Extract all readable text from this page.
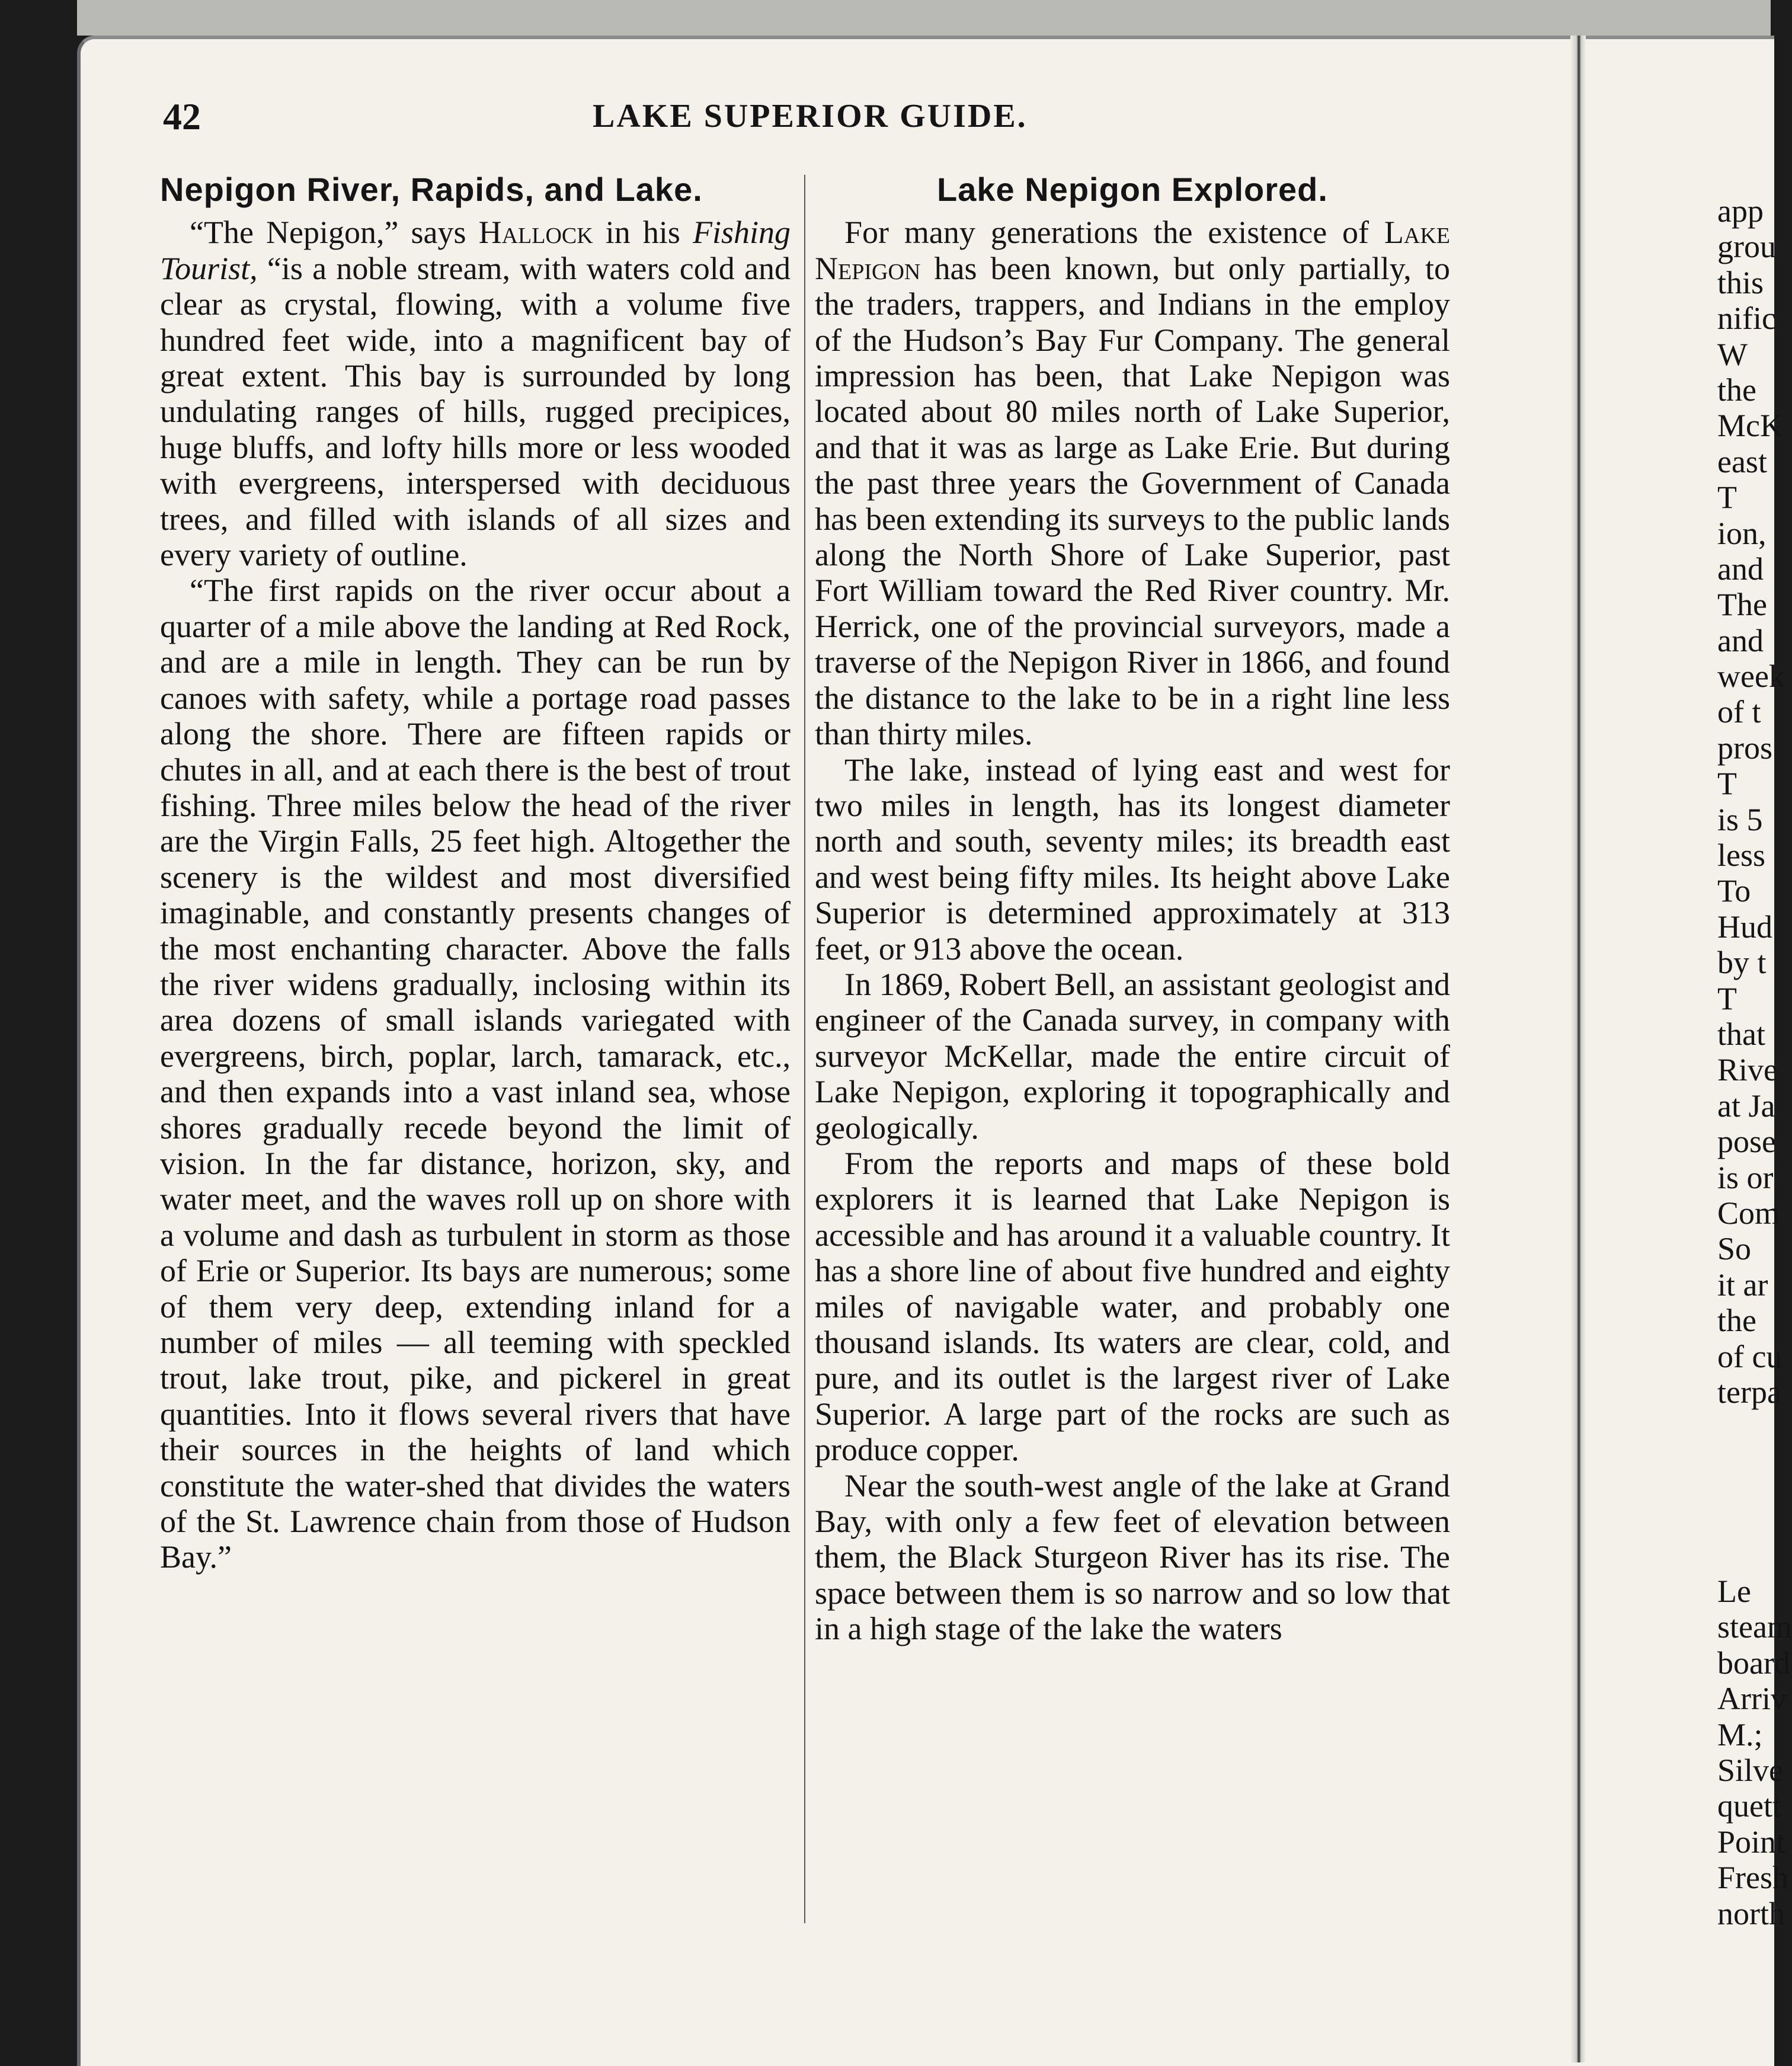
42	LAKE SUPERIOR GUIDE.
Nepigon River, Rapids, and Lake.

“The Nepigon,” says Hallock in his Fishing Tourist, “is a noble stream, with waters cold and clear as crystal, flowing, with a volume five hundred feet wide, into a magnificent bay of great extent. This bay is surrounded by long undulating ranges of hills, rugged precipices, huge bluffs, and lofty hills more or less wooded with evergreens, interspersed with deciduous trees, and filled with islands of all sizes and every variety of outline.

“The first rapids on the river occur about a quarter of a mile above the landing at Red Rock, and are a mile in length. They can be run by canoes with safety, while a portage road passes along the shore. There are fifteen rapids or chutes in all, and at each there is the best of trout fishing. Three miles below the head of the river are the Virgin Falls, 25 feet high. Altogether the scenery is the wildest and most diversified imaginable, and constantly presents changes of the most enchanting character. Above the falls the river widens gradually, inclosing within its area dozens of small islands variegated with evergreens, birch, poplar, larch, tamarack, etc., and then expands into a vast inland sea, whose shores gradually recede beyond the limit of vision. In the far distance, horizon, sky, and water meet, and the waves roll up on shore with a volume and dash as turbulent in storm as those of Erie or Superior. Its bays are numerous; some of them very deep, extending inland for a number of miles — all teeming with speckled trout, lake trout, pike, and pickerel in great quantities. Into it flows several rivers that have their sources in the heights of land which constitute the water-shed that divides the waters of the St. Lawrence chain from those of Hudson Bay.”

Lake Nepigon Explored.

For many generations the existence of Lake Nepigon has been known, but only partially, to the traders, trappers, and Indians in the employ of the Hudson’s Bay Fur Company. The general impression has been, that Lake Nepigon was located about 80 miles north of Lake Superior, and that it was as large as Lake Erie. But during the past three years the Government of Canada has been extending its surveys to the public lands along the North Shore of Lake Superior, past Fort William toward the Red River country. Mr. Herrick, one of the provincial surveyors, made a traverse of the Nepigon River in 1866, and found the distance to the lake to be in a right line less than thirty miles.

The lake, instead of lying east and west for two miles in length, has its longest diameter north and south, seventy miles; its breadth east and west being fifty miles. Its height above Lake Superior is determined approximately at 313 feet, or 913 above the ocean.

In 1869, Robert Bell, an assistant geologist and engineer of the Canada survey, in company with surveyor McKellar, made the entire circuit of Lake Nepigon, exploring it topographically and geologically.

From the reports and maps of these bold explorers it is learned that Lake Nepigon is accessible and has around it a valuable country. It has a shore line of about five hundred and eighty miles of navigable water, and probably one thousand islands. Its waters are clear, cold, and pure, and its outlet is the largest river of Lake Superior. A large part of the rocks are such as produce copper.

Near the south-west angle of the lake at Grand Bay, with only a few feet of elevation between them, the Black Sturgeon River has its rise. The space between them is so narrow and so low that in a high stage of the lake the waters

app
grou
this
nific
W
the
McK
east
T
ion,
and
The
and
week
of t
pros
T
is 5
less
To
Hud
by t
T
that
Rive
at Ja
pose
is or
Com
So
it ar
the
of cu
terpa
Le
steam
board
Arriv
M.;
Silve
quett
Point
Fresh
north
